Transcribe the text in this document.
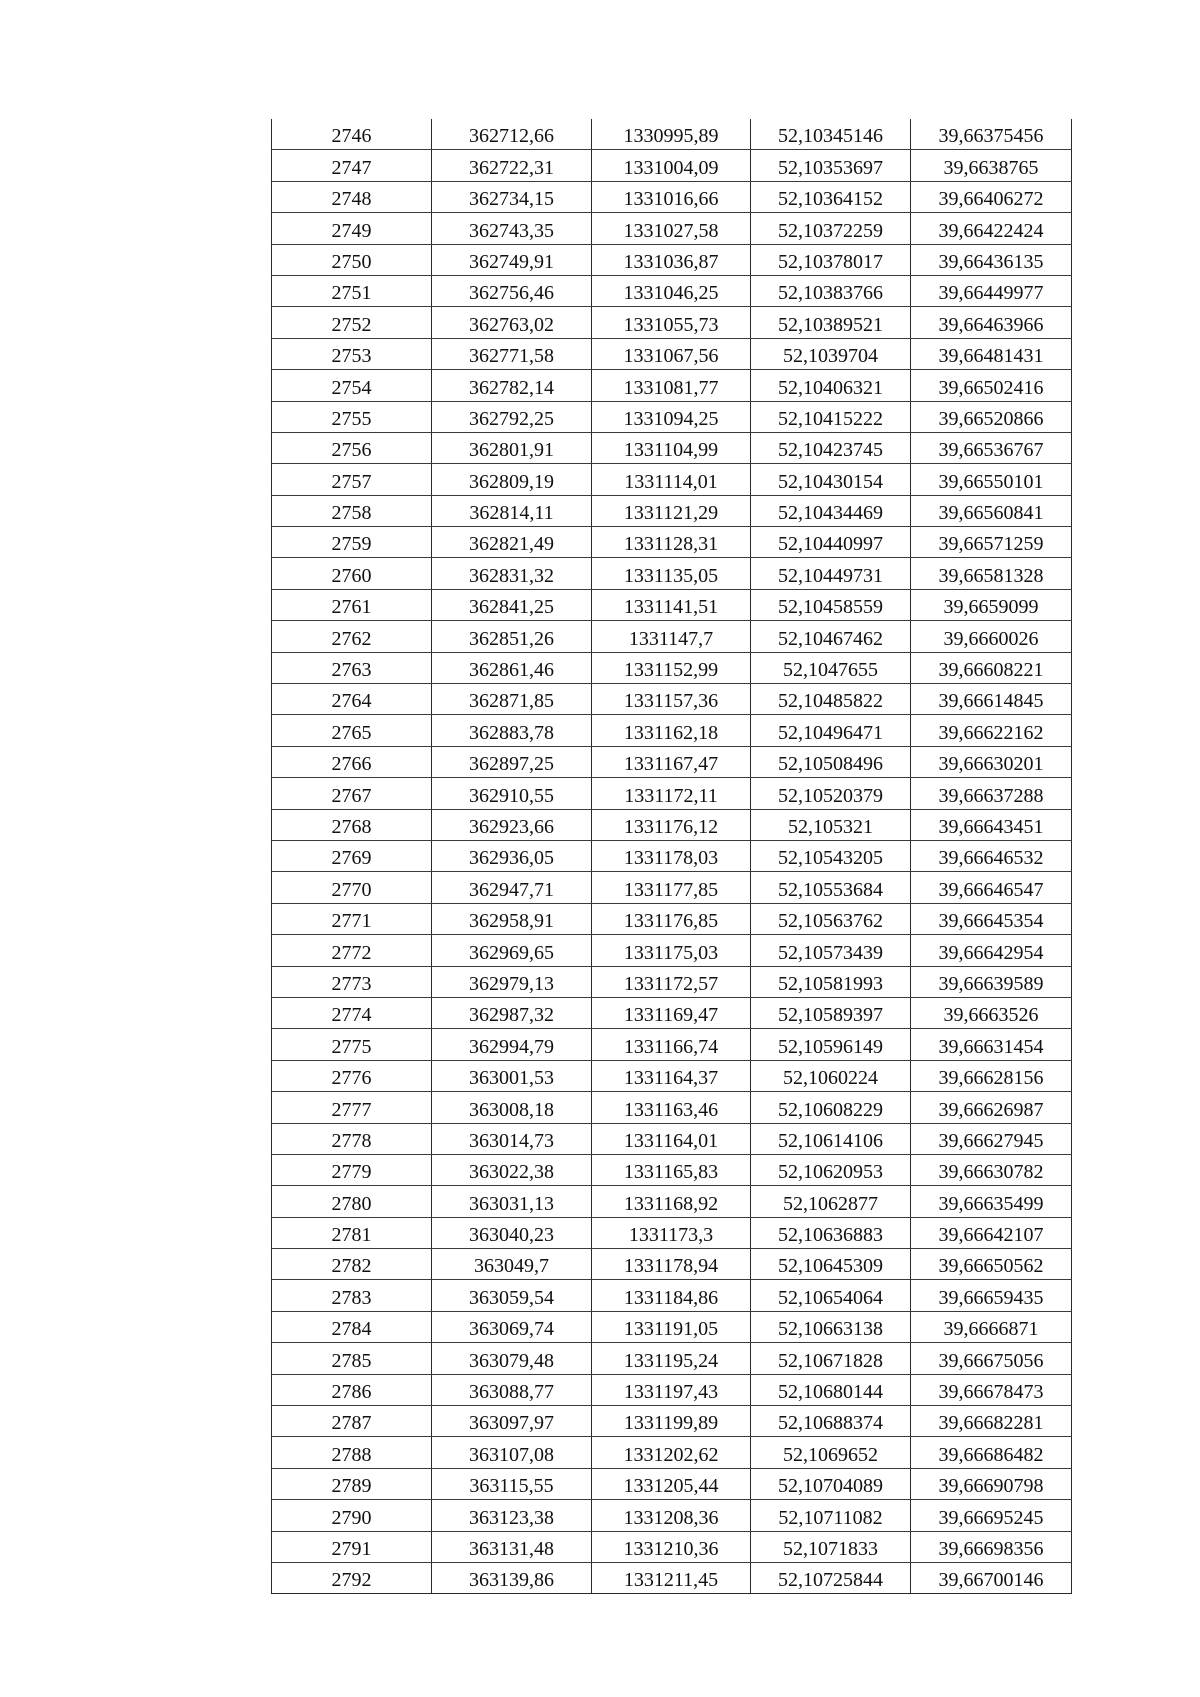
2746	362712,66	1330995,89	52,10345146	39,66375456
2747	362722,31	1331004,09	52,10353697	39,6638765
2748	362734,15	1331016,66	52,10364152	39,66406272
2749	362743,35	1331027,58	52,10372259	39,66422424
2750	362749,91	1331036,87	52,10378017	39,66436135
2751	362756,46	1331046,25	52,10383766	39,66449977
2752	362763,02	1331055,73	52,10389521	39,66463966
2753	362771,58	1331067,56	52,1039704	39,66481431
2754	362782,14	1331081,77	52,10406321	39,66502416
2755	362792,25	1331094,25	52,10415222	39,66520866
2756	362801,91	1331104,99	52,10423745	39,66536767
2757	362809,19	1331114,01	52,10430154	39,66550101
2758	362814,11	1331121,29	52,10434469	39,66560841
2759	362821,49	1331128,31	52,10440997	39,66571259
2760	362831,32	1331135,05	52,10449731	39,66581328
2761	362841,25	1331141,51	52,10458559	39,6659099
2762	362851,26	1331147,7	52,10467462	39,6660026
2763	362861,46	1331152,99	52,1047655	39,66608221
2764	362871,85	1331157,36	52,10485822	39,66614845
2765	362883,78	1331162,18	52,10496471	39,66622162
2766	362897,25	1331167,47	52,10508496	39,66630201
2767	362910,55	1331172,11	52,10520379	39,66637288
2768	362923,66	1331176,12	52,105321	39,66643451
2769	362936,05	1331178,03	52,10543205	39,66646532
2770	362947,71	1331177,85	52,10553684	39,66646547
2771	362958,91	1331176,85	52,10563762	39,66645354
2772	362969,65	1331175,03	52,10573439	39,66642954
2773	362979,13	1331172,57	52,10581993	39,66639589
2774	362987,32	1331169,47	52,10589397	39,6663526
2775	362994,79	1331166,74	52,10596149	39,66631454
2776	363001,53	1331164,37	52,1060224	39,66628156
2777	363008,18	1331163,46	52,10608229	39,66626987
2778	363014,73	1331164,01	52,10614106	39,66627945
2779	363022,38	1331165,83	52,10620953	39,66630782
2780	363031,13	1331168,92	52,1062877	39,66635499
2781	363040,23	1331173,3	52,10636883	39,66642107
2782	363049,7	1331178,94	52,10645309	39,66650562
2783	363059,54	1331184,86	52,10654064	39,66659435
2784	363069,74	1331191,05	52,10663138	39,6666871
2785	363079,48	1331195,24	52,10671828	39,66675056
2786	363088,77	1331197,43	52,10680144	39,66678473
2787	363097,97	1331199,89	52,10688374	39,66682281
2788	363107,08	1331202,62	52,1069652	39,66686482
2789	363115,55	1331205,44	52,10704089	39,66690798
2790	363123,38	1331208,36	52,10711082	39,66695245
2791	363131,48	1331210,36	52,1071833	39,66698356
2792	363139,86	1331211,45	52,10725844	39,66700146
